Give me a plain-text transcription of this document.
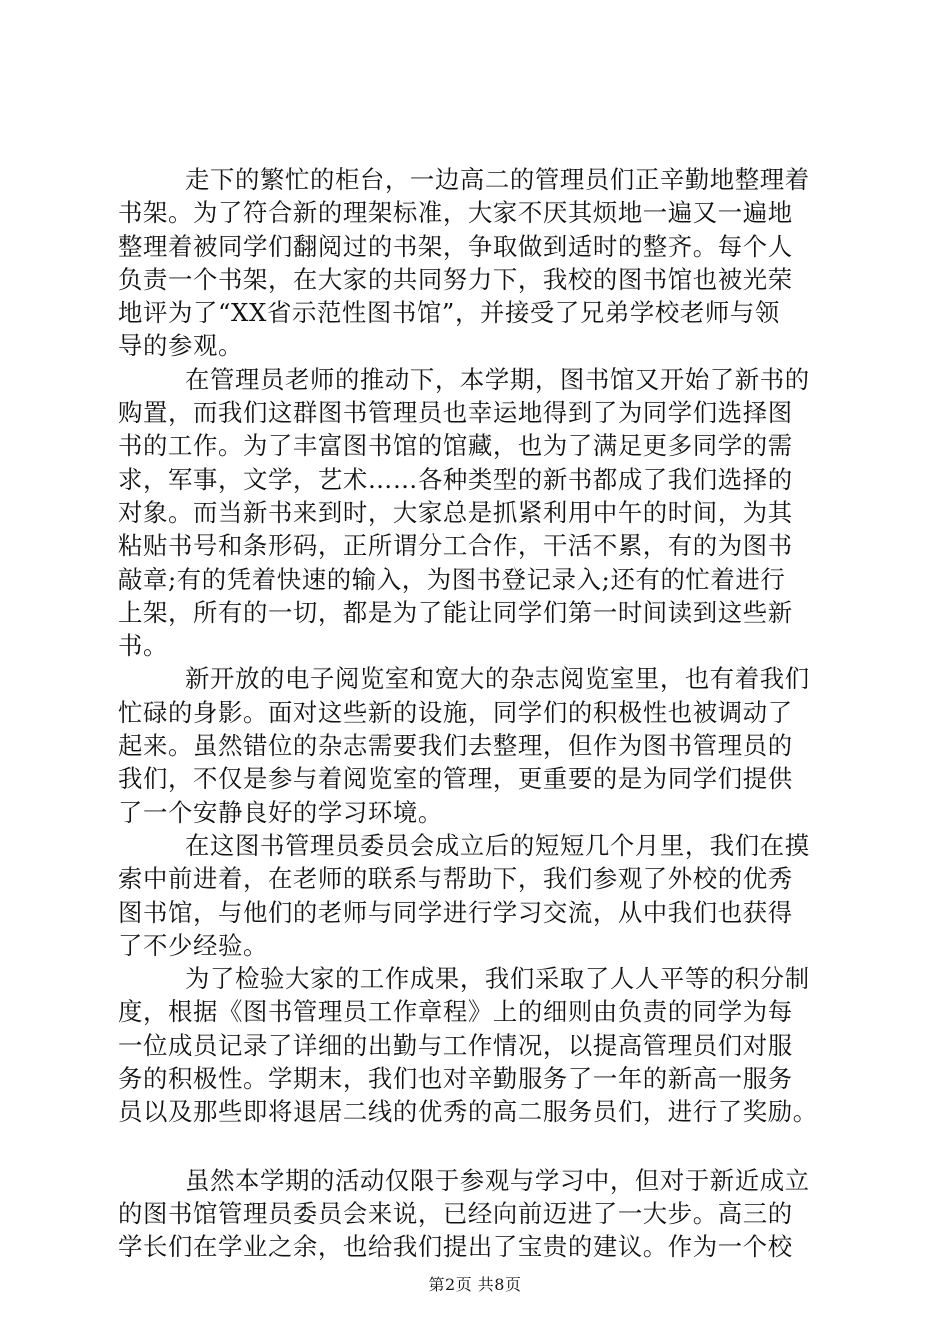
走下的繁忙的柜台，一边高二的管理员们正辛勤地整理着
书架。为了符合新的理架标准，大家不厌其烦地一遍又一遍地
整理着被同学们翻阅过的书架，争取做到适时的整齐。每个人
负责一个书架，在大家的共同努力下，我校的图书馆也被光荣
地评为了“XX省示范性图书馆”，并接受了兄弟学校老师与领
导的参观。
在管理员老师的推动下，本学期，图书馆又开始了新书的
购置，而我们这群图书管理员也幸运地得到了为同学们选择图
书的工作。为了丰富图书馆的馆藏，也为了满足更多同学的需
求，军事，文学，艺术……各种类型的新书都成了我们选择的
对象。而当新书来到时，大家总是抓紧利用中午的时间，为其
粘贴书号和条形码，正所谓分工合作，干活不累，有的为图书
敲章;有的凭着快速的输入，为图书登记录入;还有的忙着进行
上架，所有的一切，都是为了能让同学们第一时间读到这些新
书。
新开放的电子阅览室和宽大的杂志阅览室里，也有着我们
忙碌的身影。面对这些新的设施，同学们的积极性也被调动了
起来。虽然错位的杂志需要我们去整理，但作为图书管理员的
我们，不仅是参与着阅览室的管理，更重要的是为同学们提供
了一个安静良好的学习环境。
在这图书管理员委员会成立后的短短几个月里，我们在摸
索中前进着，在老师的联系与帮助下，我们参观了外校的优秀
图书馆，与他们的老师与同学进行学习交流，从中我们也获得
了不少经验。
为了检验大家的工作成果，我们采取了人人平等的积分制
度，根据《图书管理员工作章程》上的细则由负责的同学为每
一位成员记录了详细的出勤与工作情况，以提高管理员们对服
务的积极性。学期末，我们也对辛勤服务了一年的新高一服务
员以及那些即将退居二线的优秀的高二服务员们，进行了奖励。
虽然本学期的活动仅限于参观与学习中，但对于新近成立
的图书馆管理员委员会来说，已经向前迈进了一大步。高三的
学长们在学业之余，也给我们提出了宝贵的建议。作为一个校
第2页 共8页
